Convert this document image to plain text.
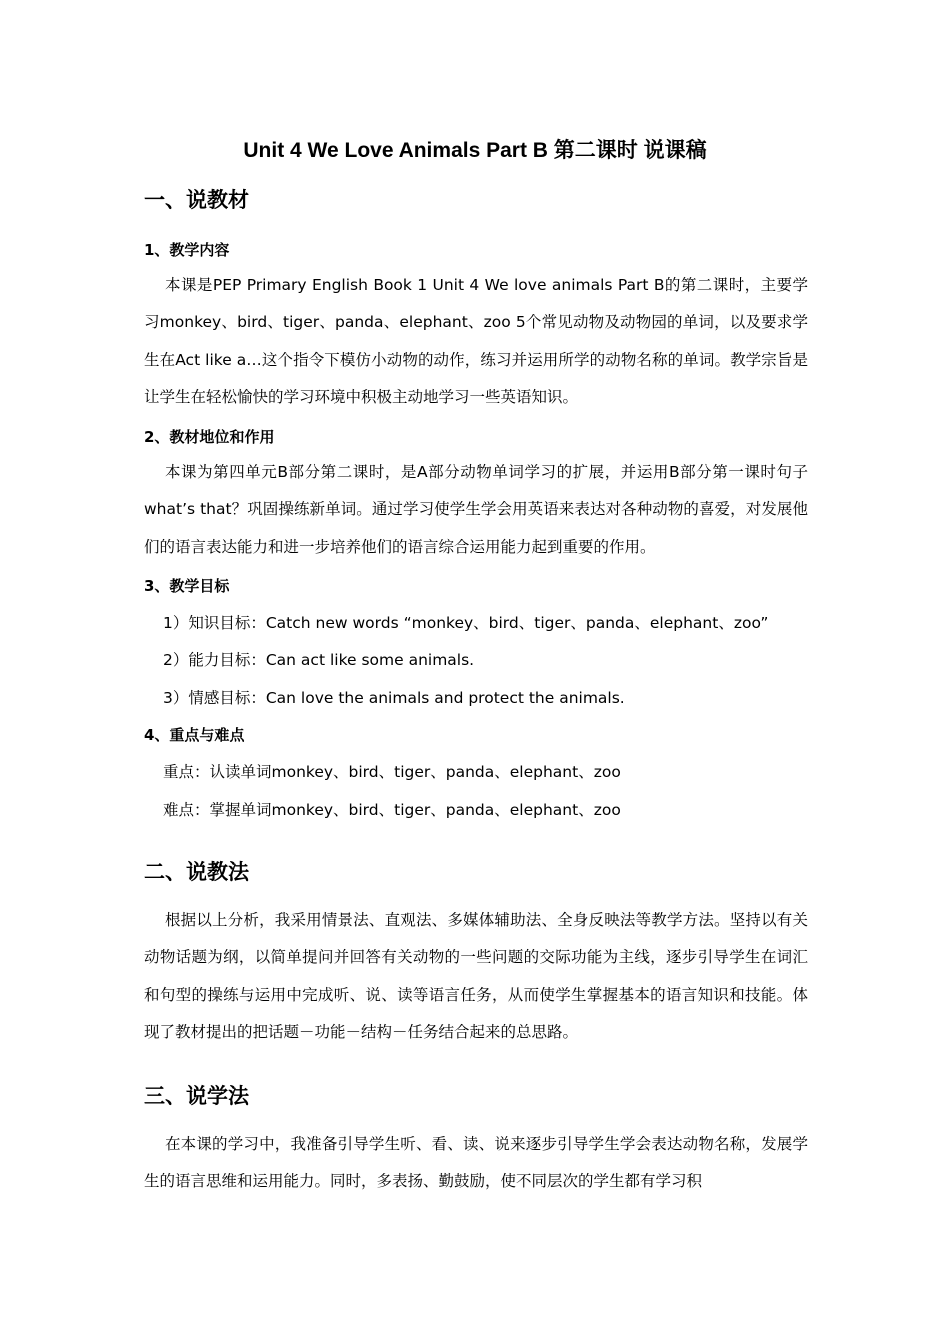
Unit 4 We Love Animals Part B 第二课时 说课稿
一、说教材
1、教学内容
本课是PEP Primary English Book 1 Unit 4 We love animals Part B的第二课时，主要学习monkey、bird、tiger、panda、elephant、zoo 5个常见动物及动物园的单词，以及要求学生在Act like a…这个指令下模仿小动物的动作，练习并运用所学的动物名称的单词。教学宗旨是让学生在轻松愉快的学习环境中积极主动地学习一些英语知识。
2、教材地位和作用
本课为第四单元B部分第二课时，是A部分动物单词学习的扩展，并运用B部分第一课时句子what’s that？巩固操练新单词。通过学习使学生学会用英语来表达对各种动物的喜爱，对发展他们的语言表达能力和进一步培养他们的语言综合运用能力起到重要的作用。
3、教学目标
1）知识目标：Catch new words “monkey、bird、tiger、panda、elephant、zoo”
2）能力目标：Can act like some animals.
3）情感目标：Can love the animals and protect the animals.
4、重点与难点
重点：认读单词monkey、bird、tiger、panda、elephant、zoo
难点：掌握单词monkey、bird、tiger、panda、elephant、zoo
二、说教法
根据以上分析，我采用情景法、直观法、多媒体辅助法、全身反映法等教学方法。坚持以有关动物话题为纲，以简单提问并回答有关动物的一些问题的交际功能为主线，逐步引导学生在词汇和句型的操练与运用中完成听、说、读等语言任务，从而使学生掌握基本的语言知识和技能。体现了教材提出的把话题－功能－结构－任务结合起来的总思路。
三、说学法
在本课的学习中，我准备引导学生听、看、读、说来逐步引导学生学会表达动物名称，发展学生的语言思维和运用能力。同时，多表扬、勤鼓励，使不同层次的学生都有学习积
